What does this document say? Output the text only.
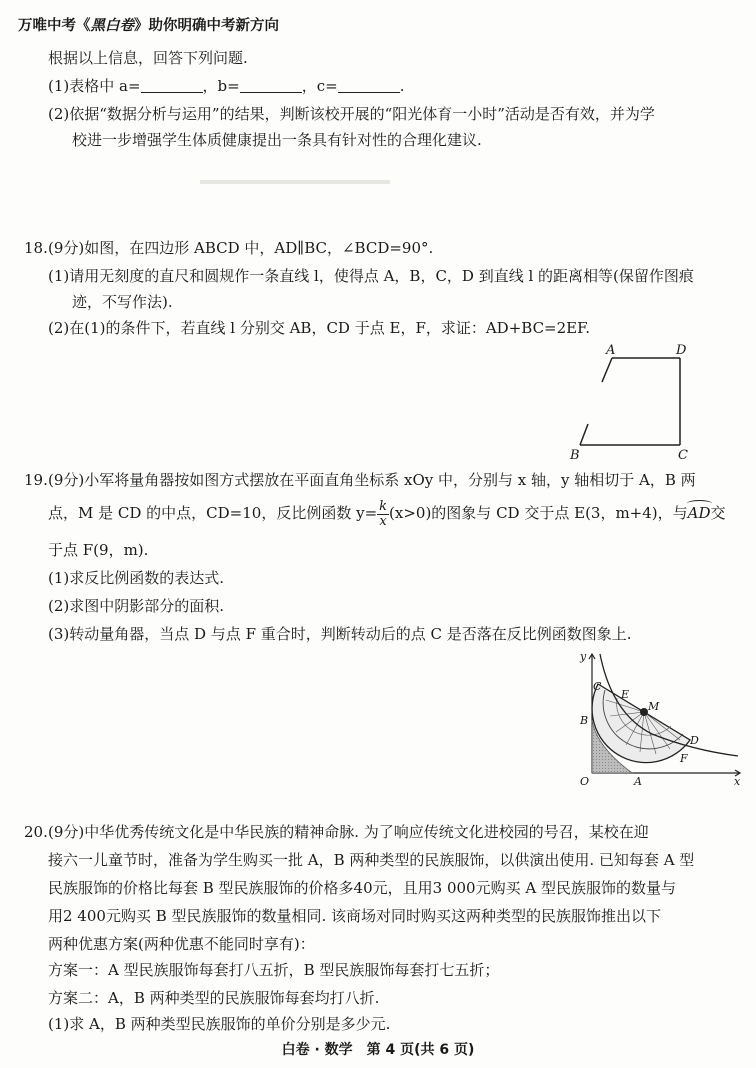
万唯中考《黑白卷》助你明确中考新方向
根据以上信息，回答下列问题.
(1)表格中 a=	，b=	，c=	.
(2)依据“数据分析与运用”的结果，判断该校开展的“阳光体育一小时”活动是否有效，并为学
校进一步增强学生体质健康提出一条具有针对性的合理化建议.
18. (9分)如图，在四边形 ABCD 中，AD∥BC，∠BCD=90°.
(1)请用无刻度的直尺和圆规作一条直线 l，使得点 A，B，C，D 到直线 l 的距离相等(保留作图痕
迹，不写作法).
(2)在(1)的条件下，若直线 l 分别交 AB，CD 于点 E，F，求证：AD+BC=2EF.
A	D
B	C
19. (9分)小军将量角器按如图方式摆放在平面直角坐标系 xOy 中，分别与 x 轴，y 轴相切于 A，B 两
点，M 是 CD 的中点，CD=10，反比例函数 $y= \frac{k}{x} (x>0)$的图象与 CD 交于点 E(3，m+4)，与AD交
于点 F(9，m).
(1)求反比例函数的表达式.
(2)求图中阴影部分的面积.
(3)转动量角器，当点 D 与点 F 重合时，判断转动后的点 C 是否落在反比例函数图象上.
y
x
O	A
B
C
D
E
F
M
20. (9分)中华优秀传统文化是中华民族的精神命脉. 为了响应传统文化进校园的号召，某校在迎
接六一儿童节时，准备为学生购买一批 A，B 两种类型的民族服饰，以供演出使用. 已知每套 A 型
民族服饰的价格比每套 B 型民族服饰的价格多40元，且用3 000元购买 A 型民族服饰的数量与
用2 400元购买 B 型民族服饰的数量相同. 该商场对同时购买这两种类型的民族服饰推出以下
两种优惠方案(两种优惠不能同时享有)：
方案一：A 型民族服饰每套打八五折，B 型民族服饰每套打七五折；
方案二：A，B 两种类型的民族服饰每套均打八折.
(1)求 A，B 两种类型民族服饰的单价分别是多少元.
白卷 · 数学　第 4 页(共 6 页)
